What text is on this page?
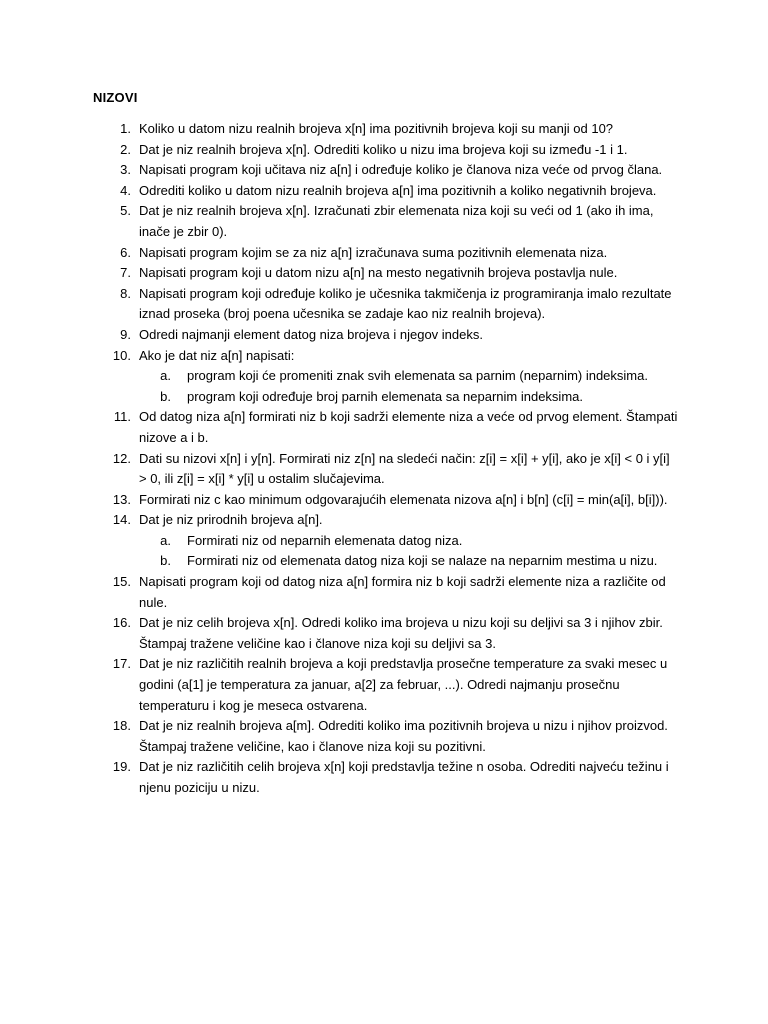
NIZOVI
1. Koliko u datom nizu realnih brojeva x[n] ima pozitivnih brojeva koji su manji od 10?
2. Dat je niz realnih brojeva x[n]. Odrediti koliko u nizu ima brojeva koji su između -1 i 1.
3. Napisati program koji učitava niz a[n] i određuje koliko je članova niza veće od prvog člana.
4. Odrediti koliko u datom nizu realnih brojeva a[n] ima pozitivnih a koliko negativnih brojeva.
5. Dat je niz realnih brojeva x[n]. Izračunati zbir elemenata niza koji su veći od 1 (ako ih ima, inače je zbir 0).
6. Napisati program kojim se za niz a[n] izračunava suma pozitivnih elemenata niza.
7. Napisati program koji u datom nizu a[n] na mesto negativnih brojeva postavlja nule.
8. Napisati program koji određuje koliko je učesnika takmičenja iz programiranja imalo rezultate iznad proseka (broj poena učesnika se zadaje kao niz realnih brojeva).
9. Odredi najmanji element datog niza brojeva i njegov indeks.
10. Ako je dat niz a[n] napisati:
a.	program koji će promeniti znak svih elemenata sa parnim (neparnim) indeksima.
b.	program koji određuje broj parnih elemenata sa neparnim indeksima.
11. Od datog niza a[n] formirati niz b koji sadrži elemente niza a veće od prvog element. Štampati nizove a i b.
12. Dati su nizovi x[n] i y[n]. Formirati niz z[n] na sledeći način: z[i] = x[i] + y[i], ako je x[i] < 0 i y[i] > 0, ili z[i] = x[i] * y[i] u ostalim slučajevima.
13. Formirati niz c kao minimum odgovarajućih elemenata nizova a[n] i b[n] (c[i] = min(a[i], b[i])).
14. Dat je niz prirodnih brojeva a[n].
a.	Formirati niz od neparnih elemenata datog niza.
b.	Formirati niz od elemenata datog niza koji se nalaze na neparnim mestima u nizu.
15. Napisati program koji od datog niza a[n] formira niz b koji sadrži elemente niza a različite od nule.
16. Dat je niz celih brojeva x[n]. Odredi koliko ima brojeva u nizu koji su deljivi sa 3 i njihov zbir. Štampaj tražene veličine kao i članove niza koji su deljivi sa 3.
17. Dat je niz različitih realnih brojeva a koji predstavlja prosečne temperature za svaki mesec u godini (a[1] je temperatura za januar, a[2] za februar, ...). Odredi najmanju prosečnu temperaturu i kog je meseca ostvarena.
18. Dat je niz realnih brojeva a[m]. Odrediti koliko ima pozitivnih brojeva u nizu i njihov proizvod. Štampaj tražene veličine, kao i članove niza koji su pozitivni.
19. Dat je niz različitih celih brojeva x[n] koji predstavlja težine n osoba. Odrediti najveću težinu i njenu poziciju u nizu.
